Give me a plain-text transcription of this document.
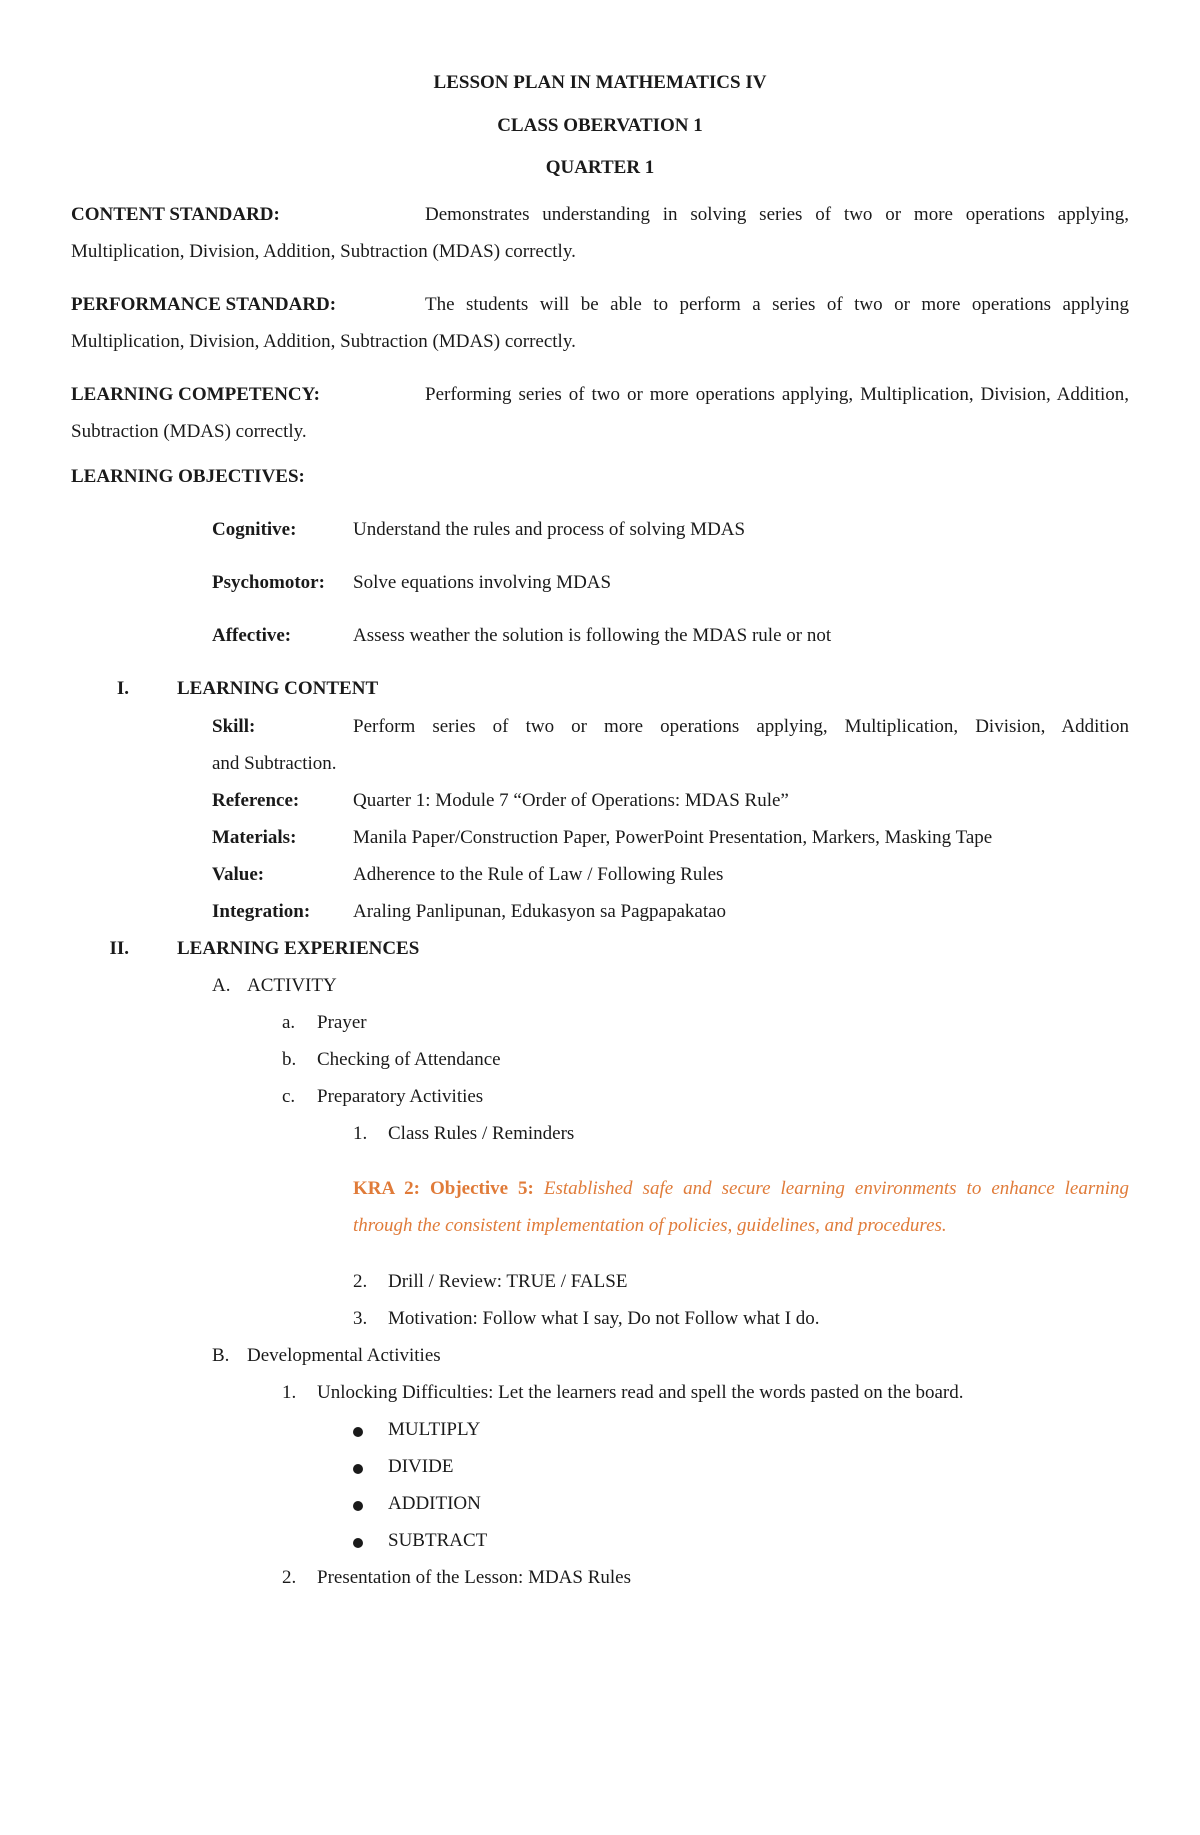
LESSON PLAN IN MATHEMATICS IV

CLASS OBERVATION 1

QUARTER 1

CONTENT STANDARD:	Demonstrates understanding in solving series of two or more operations applying, Multiplication, Division, Addition, Subtraction (MDAS) correctly.
PERFORMANCE STANDARD:	The students will be able to perform a series of two or more operations applying Multiplication, Division, Addition, Subtraction (MDAS) correctly.
LEARNING COMPETENCY:	Performing series of two or more operations applying, Multiplication, Division, Addition, Subtraction (MDAS) correctly.
LEARNING OBJECTIVES:
Cognitive:	Understand the rules and process of solving MDAS
Psychomotor: Solve equations involving MDAS
Affective:	Assess weather the solution is following the MDAS rule or not
I.	LEARNING CONTENT
Skill:	Perform series of two or more operations applying, Multiplication, Division, Addition
and Subtraction.
Reference:	Quarter 1: Module 7 “Order of Operations: MDAS Rule”
Materials:	Manila Paper/Construction Paper, PowerPoint Presentation, Markers, Masking Tape
Value:	Adherence to the Rule of Law / Following Rules
Integration: Araling Panlipunan, Edukasyon sa Pagpapakatao
II.	LEARNING EXPERIENCES
A. ACTIVITY
a. Prayer
b. Checking of Attendance
c. Preparatory Activities
1. Class Rules / Reminders
KRA 2: Objective 5: Established safe and secure learning environments to enhance learning through the consistent implementation of policies, guidelines, and procedures.
2. Drill / Review: TRUE / FALSE
3. Motivation: Follow what I say, Do not Follow what I do.
B. Developmental Activities
1. Unlocking Difficulties: Let the learners read and spell the words pasted on the board.
MULTIPLY
DIVIDE
ADDITION
SUBTRACT
2. Presentation of the Lesson: MDAS Rules
